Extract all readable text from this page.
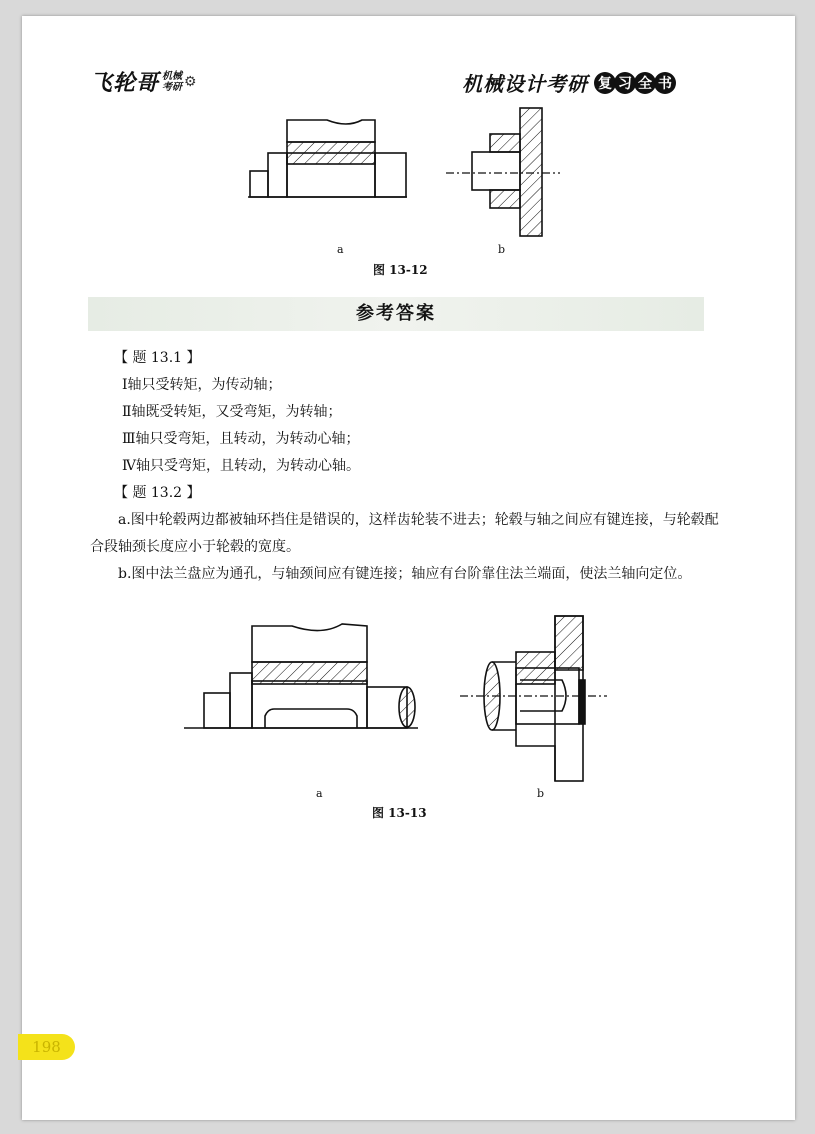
飞轮哥 机械
考研 ⚙	机械设计考研 复 习 全 书
a	b
图 13-12
参考答案
【 题 13.1 】
Ⅰ轴只受转矩，为传动轴；
Ⅱ轴既受转矩，又受弯矩，为转轴；
Ⅲ轴只受弯矩，且转动，为转动心轴；
Ⅳ轴只受弯矩，且转动，为转动心轴。
【 题 13.2 】
a.图中轮毂两边都被轴环挡住是错误的，这样齿轮装不进去；轮毂与轴之间应有键连接，与轮毂配合段轴颈长度应小于轮毂的宽度。
b.图中法兰盘应为通孔，与轴颈间应有键连接；轴应有台阶靠住法兰端面，使法兰轴向定位。
a	b
图 13-13
198
